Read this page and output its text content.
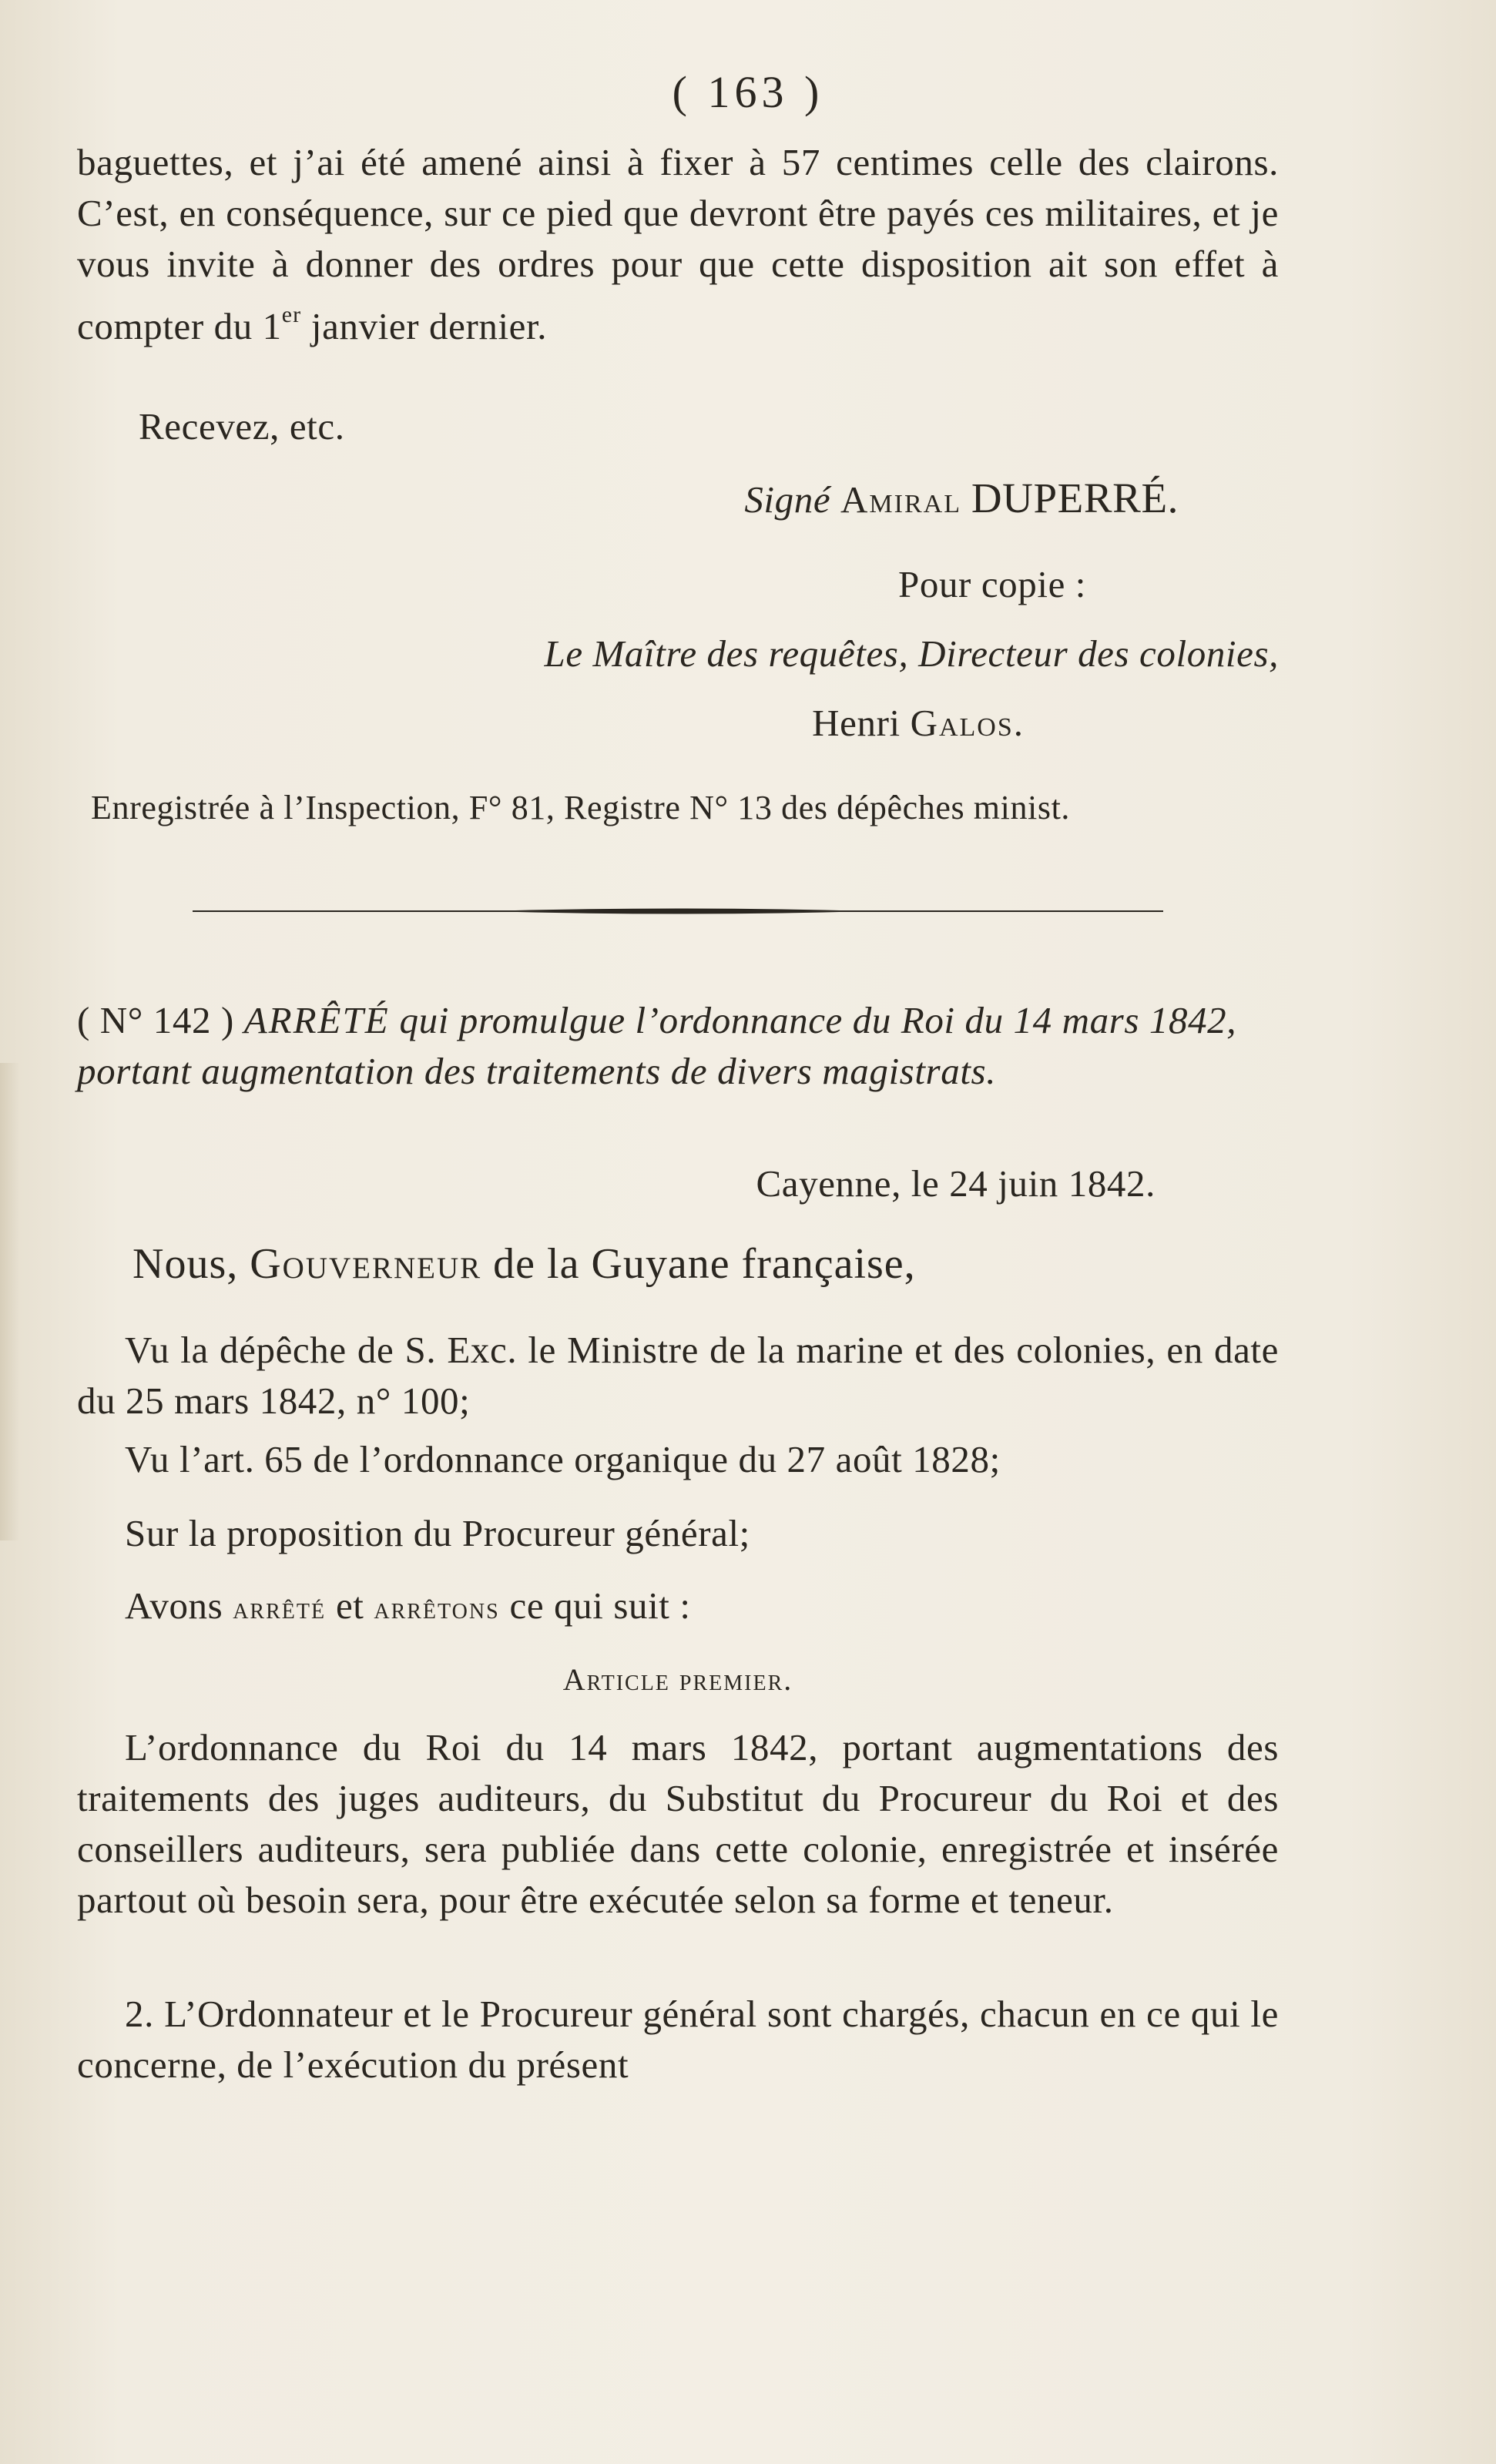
( 163 )
baguettes, et j’ai été amené ainsi à fixer à 57 centimes celle des clairons. C’est, en conséquence, sur ce pied que devront être payés ces militaires, et je vous invite à donner des ordres pour que cette disposition ait son effet à compter du 1er janvier dernier.
Recevez, etc.
Signé Amiral DUPERRÉ.
Pour copie :
Le Maître des requêtes, Directeur des colonies,
Henri Galos.
Enregistrée à l’Inspection, F° 81, Registre N° 13 des dépêches minist.
( N° 142 ) ARRÊTÉ qui promulgue l’ordonnance du Roi du 14 mars 1842, portant augmentation des traitements de divers magistrats.
Cayenne, le 24 juin 1842.
Nous, Gouverneur de la Guyane française,
Vu la dépêche de S. Exc. le Ministre de la marine et des colonies, en date du 25 mars 1842, n° 100;
Vu l’art. 65 de l’ordonnance organique du 27 août 1828;
Sur la proposition du Procureur général;
Avons arrêté et arrêtons ce qui suit :
Article premier.
L’ordonnance du Roi du 14 mars 1842, portant augmentations des traitements des juges auditeurs, du Substitut du Procureur du Roi et des conseillers auditeurs, sera publiée dans cette colonie, enregistrée et insérée partout où besoin sera, pour être exécutée selon sa forme et teneur.
2. L’Ordonnateur et le Procureur général sont chargés, chacun en ce qui le concerne, de l’exécution du présent
